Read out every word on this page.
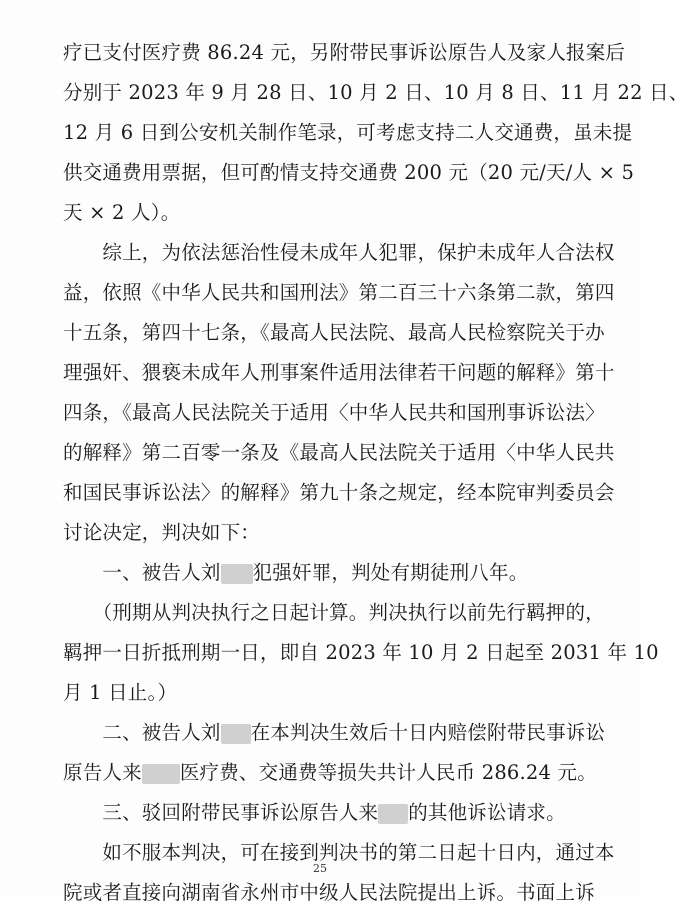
疗已支付医疗费 86.24 元，另附带民事诉讼原告人及家人报案后
分别于 2023 年 9 月 28 日、10 月 2 日、10 月 8 日、11 月 22 日、
12 月 6 日到公安机关制作笔录，可考虑支持二人交通费，虽未提
供交通费用票据，但可酌情支持交通费 200 元（20 元/天/人 × 5
天 × 2 人）。
　　综上，为依法惩治性侵未成年人犯罪，保护未成年人合法权
益，依照《中华人民共和国刑法》第二百三十六条第二款，第四
十五条，第四十七条，《最高人民法院、最高人民检察院关于办
理强奸、猥亵未成年人刑事案件适用法律若干问题的解释》第十
四条，《最高人民法院关于适用〈中华人民共和国刑事诉讼法〉
的解释》第二百零一条及《最高人民法院关于适用〈中华人民共
和国民事诉讼法〉的解释》第九十条之规定，经本院审判委员会
讨论决定，判决如下：
　　一、被告人刘 犯强奸罪，判处有期徒刑八年。
　　（刑期从判决执行之日起计算。判决执行以前先行羁押的，
羁押一日折抵刑期一日，即自 2023 年 10 月 2 日起至 2031 年 10
月 1 日止。）
　　二、被告人刘 在本判决生效后十日内赔偿附带民事诉讼
原告人来 医疗费、交通费等损失共计人民币 286.24 元。
　　三、驳回附带民事诉讼原告人来 的其他诉讼请求。
　　如不服本判决，可在接到判决书的第二日起十日内，通过本
院或者直接向湖南省永州市中级人民法院提出上诉。书面上诉
25
